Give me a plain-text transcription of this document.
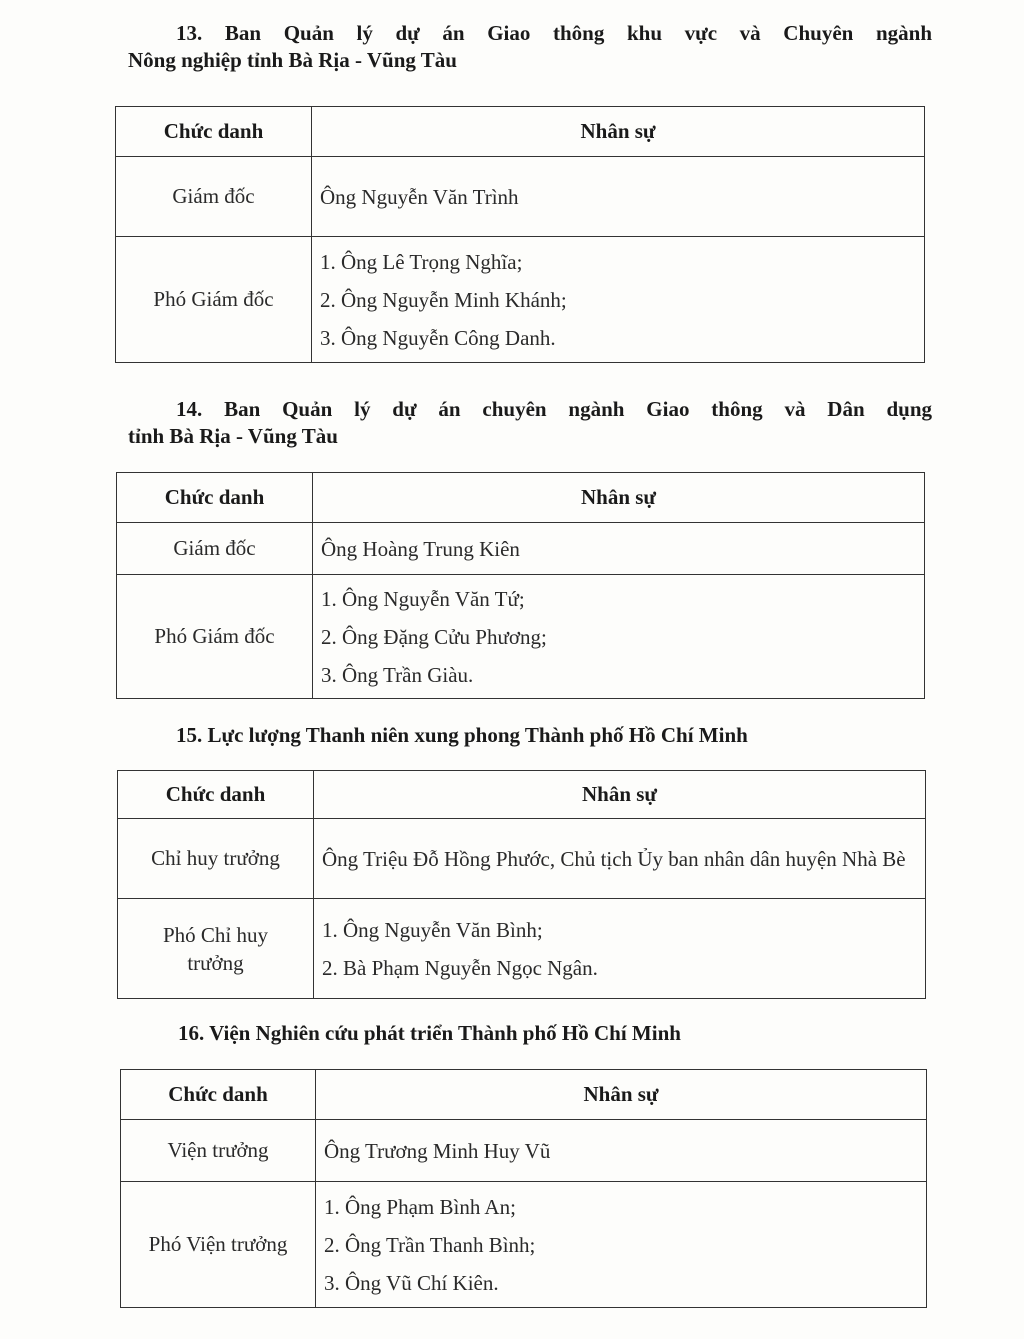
13. Ban Quản lý dự án Giao thông khu vực và Chuyên ngành
Nông nghiệp tỉnh Bà Rịa - Vũng Tàu
Chức danh	Nhân sự
Giám đốc	Ông Nguyễn Văn Trình

Phó Giám đốc	1. Ông Lê Trọng Nghĩa;
2. Ông Nguyễn Minh Khánh;
3. Ông Nguyễn Công Danh.
14. Ban Quản lý dự án chuyên ngành Giao thông và Dân dụng
tỉnh Bà Rịa - Vũng Tàu
Chức danh	Nhân sự
Giám đốc	Ông Hoàng Trung Kiên

Phó Giám đốc	1. Ông Nguyễn Văn Tứ;
2. Ông Đặng Cửu Phương;
3. Ông Trần Giàu.
15. Lực lượng Thanh niên xung phong Thành phố Hồ Chí Minh
Chức danh	Nhân sự
Chỉ huy trưởng	Ông Triệu Đỗ Hồng Phước, Chủ tịch Ủy ban nhân dân huyện Nhà Bè

Phó Chỉ huy
trưởng	1. Ông Nguyễn Văn Bình;
2. Bà Phạm Nguyễn Ngọc Ngân.
16. Viện Nghiên cứu phát triển Thành phố Hồ Chí Minh
Chức danh	Nhân sự
Viện trưởng	Ông Trương Minh Huy Vũ

Phó Viện trưởng	1. Ông Phạm Bình An;
2. Ông Trần Thanh Bình;
3. Ông Vũ Chí Kiên.
